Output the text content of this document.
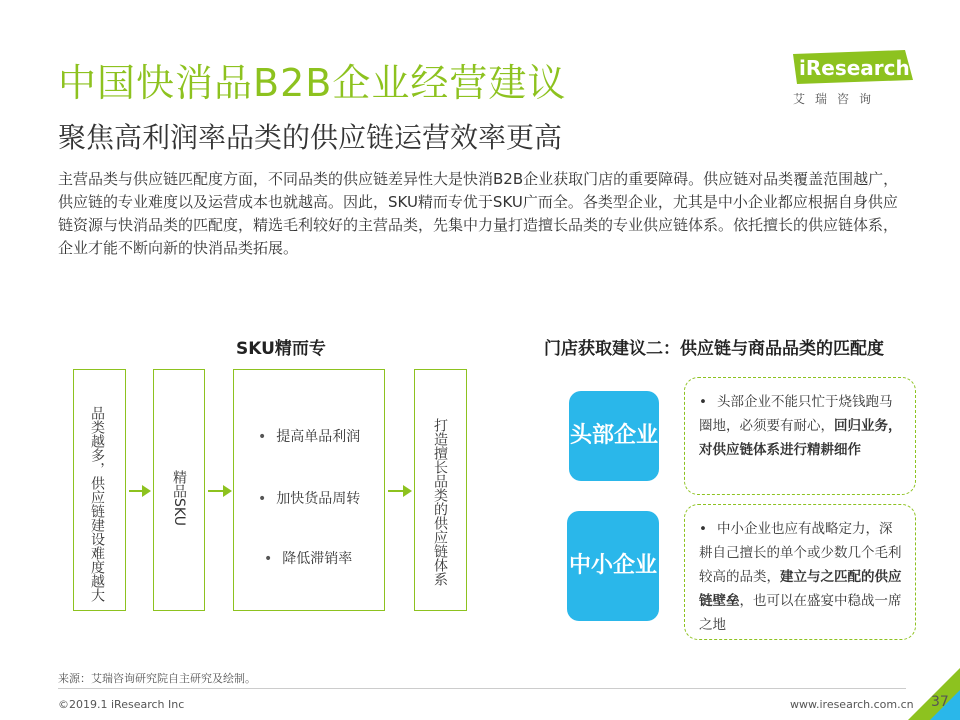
中国快消品B2B企业经营建议
聚焦高利润率品类的供应链运营效率更高
iResearch
艾瑞咨询
主营品类与供应链匹配度方面，不同品类的供应链差异性大是快消B2B企业获取门店的重要障碍。供应链对品类覆盖范围越广，供应链的专业难度以及运营成本也就越高。因此，SKU精而专优于SKU广而全。各类型企业，尤其是中小企业都应根据自身供应链资源与快消品类的匹配度，精选毛利较好的主营品类，先集中力量打造擅长品类的专业供应链体系。依托擅长的供应链体系，企业才能不断向新的快消品类拓展。
SKU精而专
品类越多，供应链建设难度越大	精品SKU
• 提高单品利润
• 加快货品周转
• 降低滞销率	打造擅长品类的供应链体系
门店获取建议二：供应链与商品品类的匹配度
头部企业
• 头部企业不能只忙于烧钱跑马圈地，必须要有耐心，回归业务，对供应链体系进行精耕细作
中小企业
• 中小企业也应有战略定力，深耕自己擅长的单个或少数几个毛利较高的品类，建立与之匹配的供应链壁垒，也可以在盛宴中稳战一席之地
来源：艾瑞咨询研究院自主研究及绘制。
©2019.1 iResearch Inc	www.iresearch.com.cn 37
